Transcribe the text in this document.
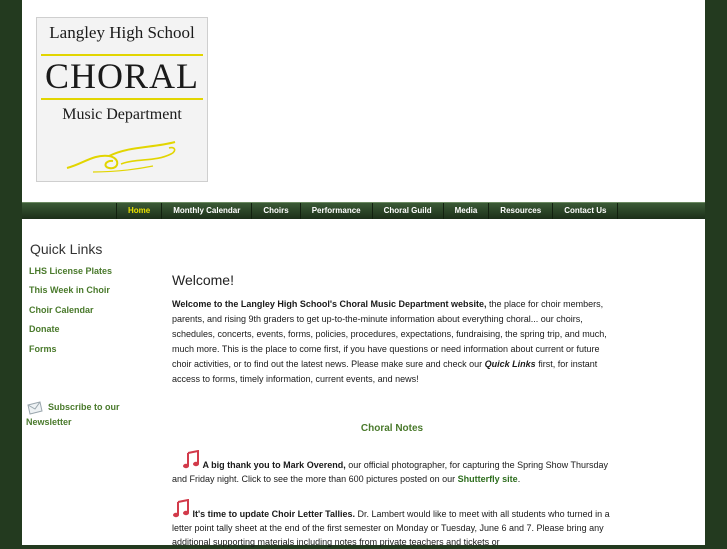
Langley High School
CHORAL
Music Department
Home	Monthly Calendar	Choirs	Performance	Choral Guild	Media	Resources	Contact Us
Quick Links
LHS License Plates
This Week in Choir
Choir Calendar
Donate
Forms
Subscribe to our Newsletter
Welcome!
Welcome to the Langley High School's Choral Music Department website, the place for choir members, parents, and rising 9th graders to get up-to-the-minute information about everything choral... our choirs, schedules, concerts, events, forms, policies, procedures, expectations, fundraising, the spring trip, and much, much more. This is the place to come first, if you have questions or need information about current or future choir activities, or to find out the latest news. Please make sure and check our Quick Links first, for instant access to forms, timely information, current events, and news!
Choral Notes
A big thank you to Mark Overend, our official photographer, for capturing the Spring Show Thursday and Friday night. Click to see the more than 600 pictures posted on our Shutterfly site.
It's time to update Choir Letter Tallies. Dr. Lambert would like to meet with all students who turned in a letter point tally sheet at the end of the first semester on Monday or Tuesday, June 6 and 7. Please bring any additional supporting materials including notes from private teachers and tickets or
